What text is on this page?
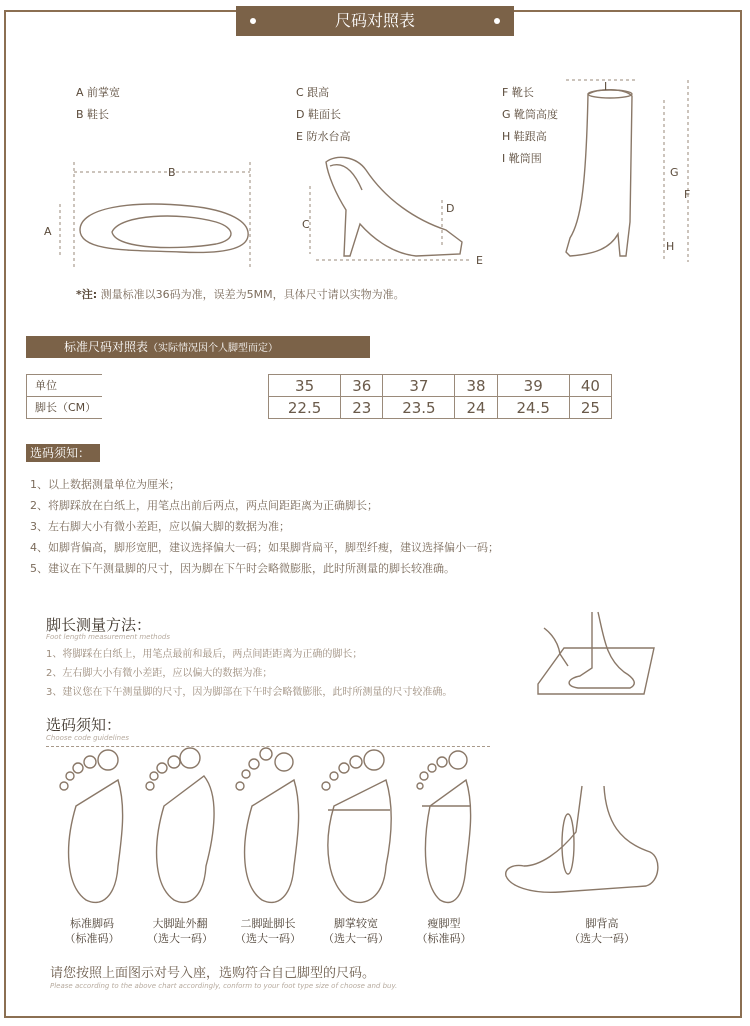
尺码对照表
A 前掌宽
B 鞋长
C 跟高
D 鞋面长
E 防水台高
F 靴长
G 靴筒高度
H 鞋跟高
I 靴筒围
B
A
C
D
E
I
G
F
H
*注: 测量标准以36码为准，误差为5MM，具体尺寸请以实物为准。
标准尺码对照表（实际情况因个人脚型而定）
单位
脚长（CM）
35	36	37	38	39	40
22.5	23	23.5	24	24.5	25
选码须知：
1、以上数据测量单位为厘米；
2、将脚踩放在白纸上，用笔点出前后两点，两点间距距离为正确脚长；
3、左右脚大小有微小差距，应以偏大脚的数据为准；
4、如脚背偏高，脚形宽肥，建议选择偏大一码；如果脚背扁平，脚型纤瘦，建议选择偏小一码；
5、建议在下午测量脚的尺寸，因为脚在下午时会略微膨胀，此时所测量的脚长较准确。
脚长测量方法：
Foot length measurement methods
1、将脚踩在白纸上，用笔点最前和最后，两点间距距离为正确的脚长；
2、左右脚大小有微小差距，应以偏大的数据为准；
3、建议您在下午测量脚的尺寸，因为脚部在下午时会略微膨胀，此时所测量的尺寸较准确。
选码须知：
Choose code guidelines
标准脚码
（标准码）
大脚趾外翻
（选大一码）
二脚趾脚长
（选大一码）
脚掌较宽
（选大一码）
瘦脚型
（标准码）
脚背高
（选大一码）
请您按照上面图示对号入座，选购符合自己脚型的尺码。
Please according to the above chart accordingly, conform to your foot type size of choose and buy.
